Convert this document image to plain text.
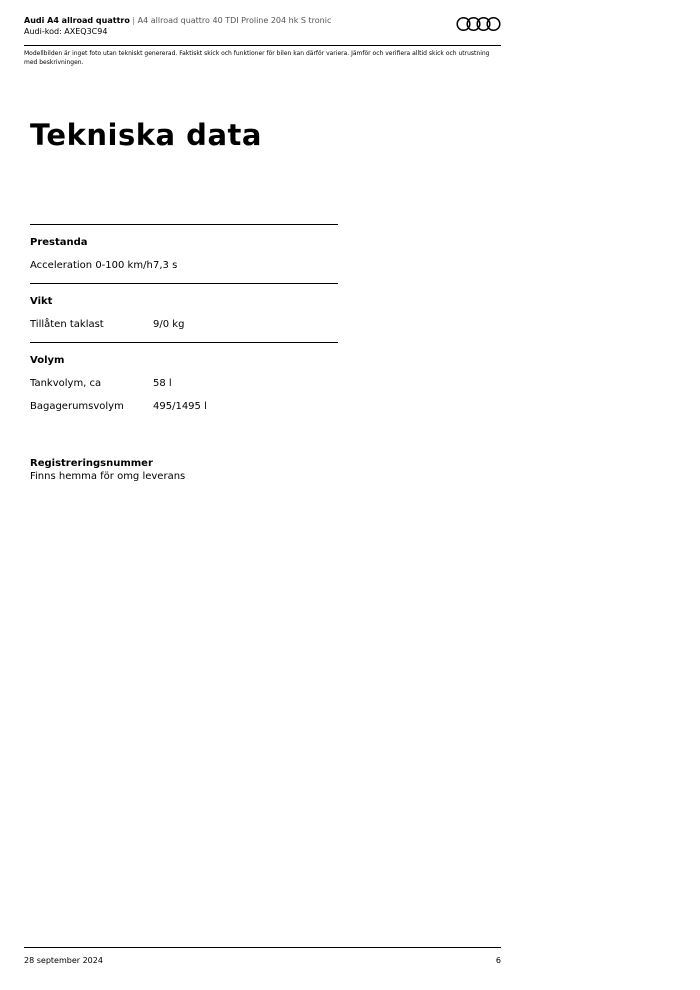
Audi A4 allroad quattro | A4 allroad quattro 40 TDI Proline 204 hk S tronic
Audi-kod: AXEQ3C94
Modellbilden är inget foto utan tekniskt genererad. Faktiskt skick och funktioner för bilen kan därför variera. Jämför och verifiera alltid skick och utrustning med beskrivningen.
Tekniska data
Prestanda
Acceleration 0-100 km/h 7,3 s
Vikt
Tillåten taklast	9/0 kg
Volym
Tankvolym, ca	58 l
Bagagerumsvolym	495/1495 l
Registreringsnummer
Finns hemma för omg leverans
28 september 2024	6
